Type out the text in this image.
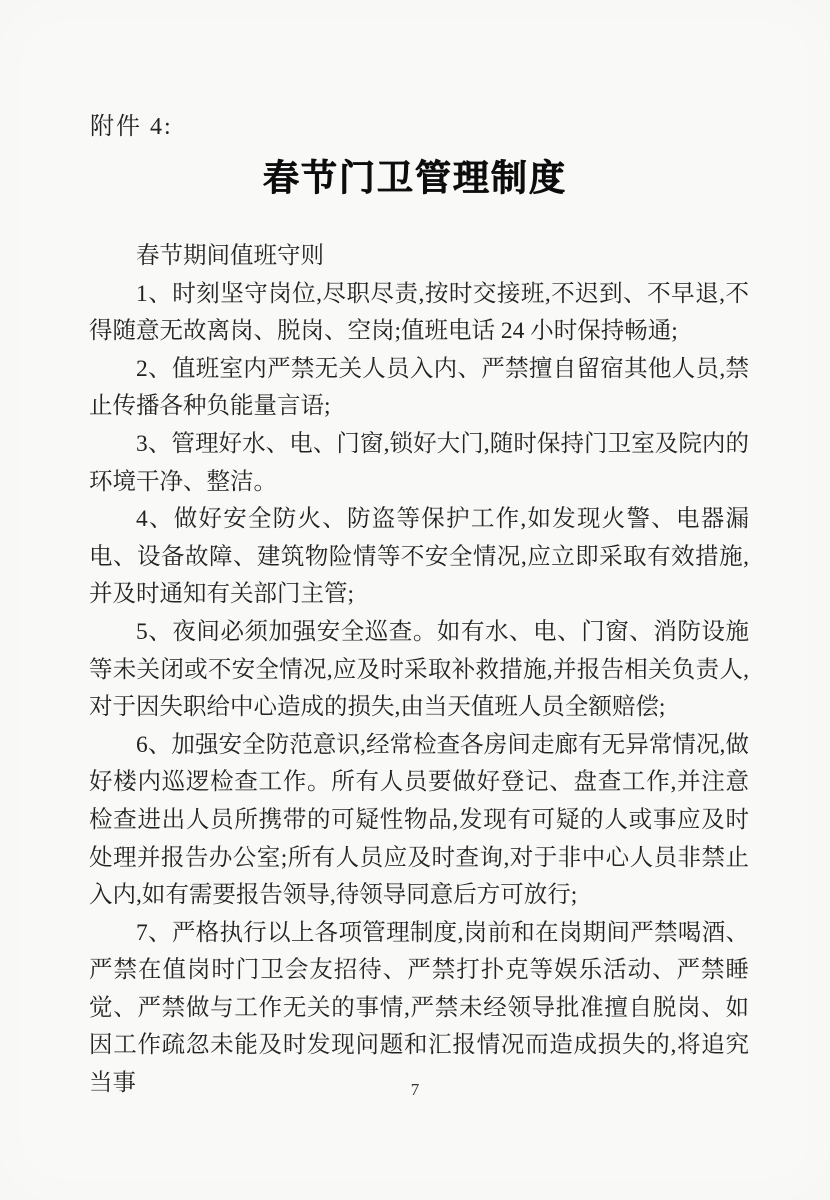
附件 4:
春节门卫管理制度

春节期间值班守则

1、时刻坚守岗位,尽职尽责,按时交接班,不迟到、不早退,不得随意无故离岗、脱岗、空岗;值班电话 24 小时保持畅通;

2、值班室内严禁无关人员入内、严禁擅自留宿其他人员,禁止传播各种负能量言语;

3、管理好水、电、门窗,锁好大门,随时保持门卫室及院内的环境干净、整洁。

4、做好安全防火、防盗等保护工作,如发现火警、电器漏电、设备故障、建筑物险情等不安全情况,应立即采取有效措施,并及时通知有关部门主管;

5、夜间必须加强安全巡查。如有水、电、门窗、消防设施等未关闭或不安全情况,应及时采取补救措施,并报告相关负责人,对于因失职给中心造成的损失,由当天值班人员全额赔偿;

6、加强安全防范意识,经常检查各房间走廊有无异常情况,做好楼内巡逻检查工作。所有人员要做好登记、盘查工作,并注意检查进出人员所携带的可疑性物品,发现有可疑的人或事应及时处理并报告办公室;所有人员应及时查询,对于非中心人员非禁止入内,如有需要报告领导,待领导同意后方可放行;

7、严格执行以上各项管理制度,岗前和在岗期间严禁喝酒、严禁在值岗时门卫会友招待、严禁打扑克等娱乐活动、严禁睡觉、严禁做与工作无关的事情,严禁未经领导批准擅自脱岗、如因工作疏忽未能及时发现问题和汇报情况而造成损失的,将追究当事	7
